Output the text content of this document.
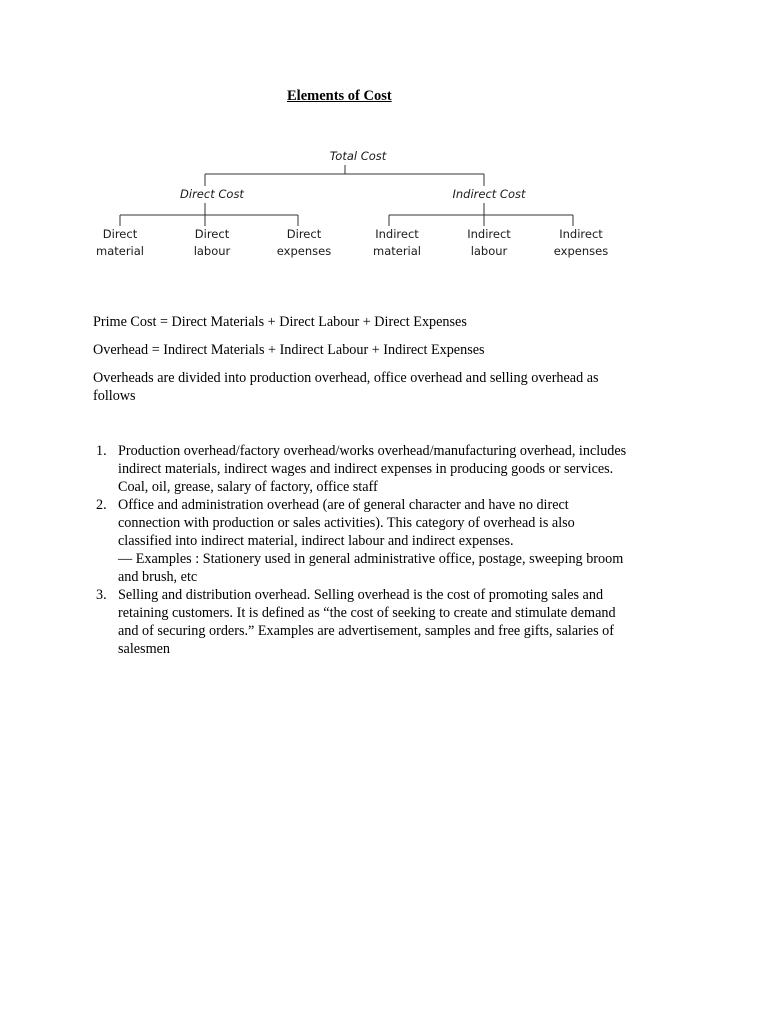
Elements of Cost
Total Cost
Direct Cost	Indirect Cost
Direct
material
Direct
labour
Direct
expenses
Indirect
material
Indirect
labour
Indirect
expenses
Prime Cost = Direct Materials + Direct Labour + Direct Expenses
Overhead = Indirect Materials + Indirect Labour + Indirect Expenses
Overheads are divided into production overhead, office overhead and selling overhead as
follows
1. Production overhead/factory overhead/works overhead/manufacturing overhead, includes
indirect materials, indirect wages and indirect expenses in producing goods or services.
Coal, oil, grease, salary of factory, office staff
2. Office and administration overhead (are of general character and have no direct
connection with production or sales activities). This category of overhead is also
classified into indirect material, indirect labour and indirect expenses.
— Examples : Stationery used in general administrative office, postage, sweeping broom
and brush, etc
3. Selling and distribution overhead. Selling overhead is the cost of promoting sales and
retaining customers. It is defined as “the cost of seeking to create and stimulate demand
and of securing orders.” Examples are advertisement, samples and free gifts, salaries of
salesmen
